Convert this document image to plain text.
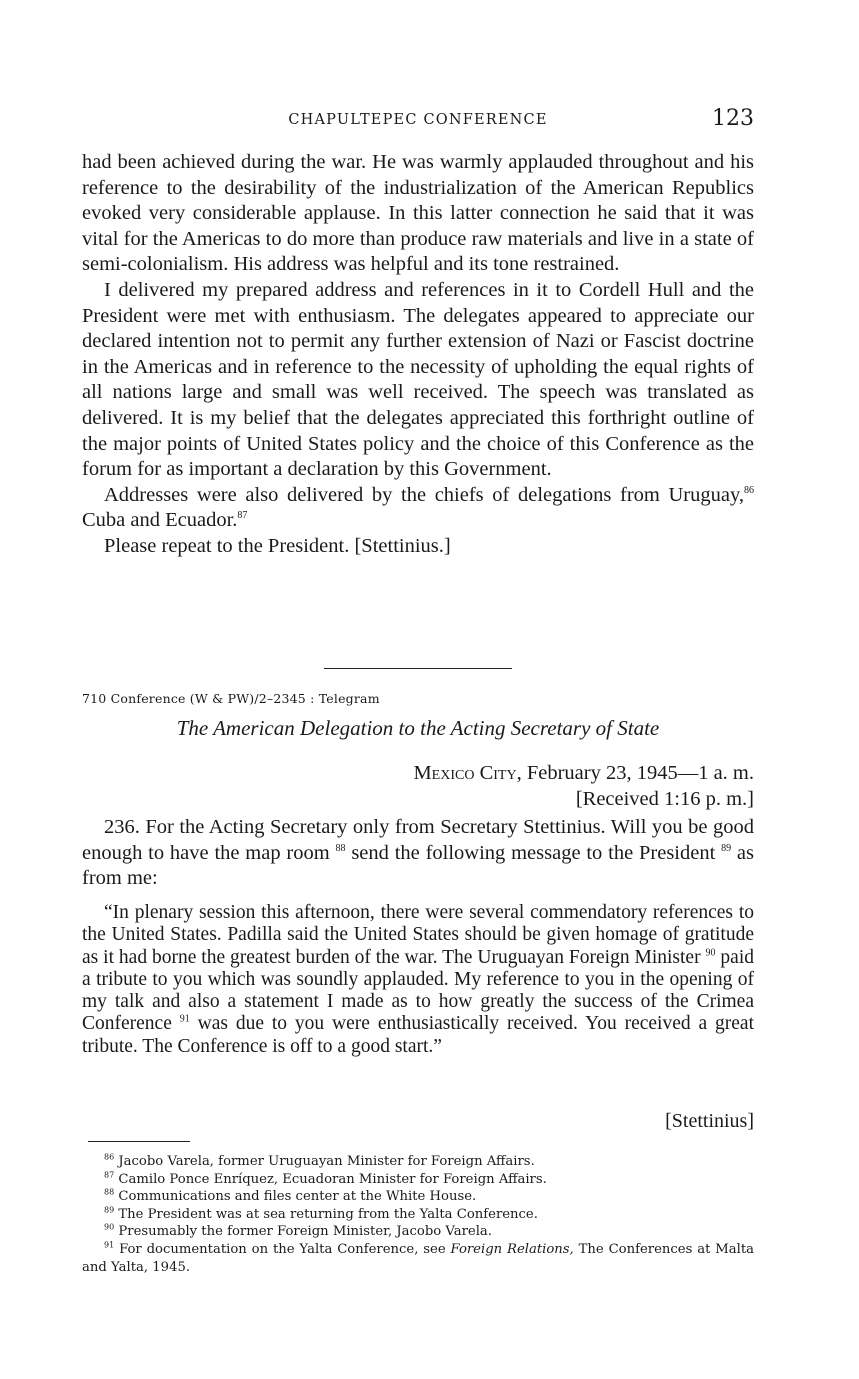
CHAPULTEPEC CONFERENCE	123

had been achieved during the war. He was warmly applauded throughout and his reference to the desirability of the industrialization of the American Republics evoked very considerable applause. In this latter connection he said that it was vital for the Americas to do more than produce raw materials and live in a state of semi-colonialism. His address was helpful and its tone restrained.

I delivered my prepared address and references in it to Cordell Hull and the President were met with enthusiasm. The delegates appeared to appreciate our declared intention not to permit any further extension of Nazi or Fascist doctrine in the Americas and in reference to the necessity of upholding the equal rights of all nations large and small was well received. The speech was translated as delivered. It is my belief that the delegates appreciated this forthright outline of the major points of United States policy and the choice of this Conference as the forum for as important a declaration by this Government.

Addresses were also delivered by the chiefs of delegations from Uruguay,$^{86}$ Cuba and Ecuador.$^{87}$

Please repeat to the President. [Stettinius.]

710 Conference (W & PW)/2–2345 : Telegram
The American Delegation to the Acting Secretary of State
Mexico City, February 23, 1945—1 a. m.
[Received 1:16 p. m.]

236. For the Acting Secretary only from Secretary Stettinius. Will you be good enough to have the map room $^{88}$ send the following message to the President $^{89}$ as from me:

“In plenary session this afternoon, there were several commendatory references to the United States. Padilla said the United States should be given homage of gratitude as it had borne the greatest burden of the war. The Uruguayan Foreign Minister $^{90}$ paid a tribute to you which was soundly applauded. My reference to you in the opening of my talk and also a statement I made as to how greatly the success of the Crimea Conference $^{91}$ was due to you were enthusiastically received. You received a great tribute. The Conference is off to a good start.”

[Stettinius]
$^{86}$ Jacobo Varela, former Uruguayan Minister for Foreign Affairs.
$^{87}$ Camilo Ponce Enríquez, Ecuadoran Minister for Foreign Affairs.
$^{88}$ Communications and files center at the White House.
$^{89}$ The President was at sea returning from the Yalta Conference.
$^{90}$ Presumably the former Foreign Minister, Jacobo Varela.
$^{91}$ For documentation on the Yalta Conference, see Foreign Relations, The Conferences at Malta and Yalta, 1945.
